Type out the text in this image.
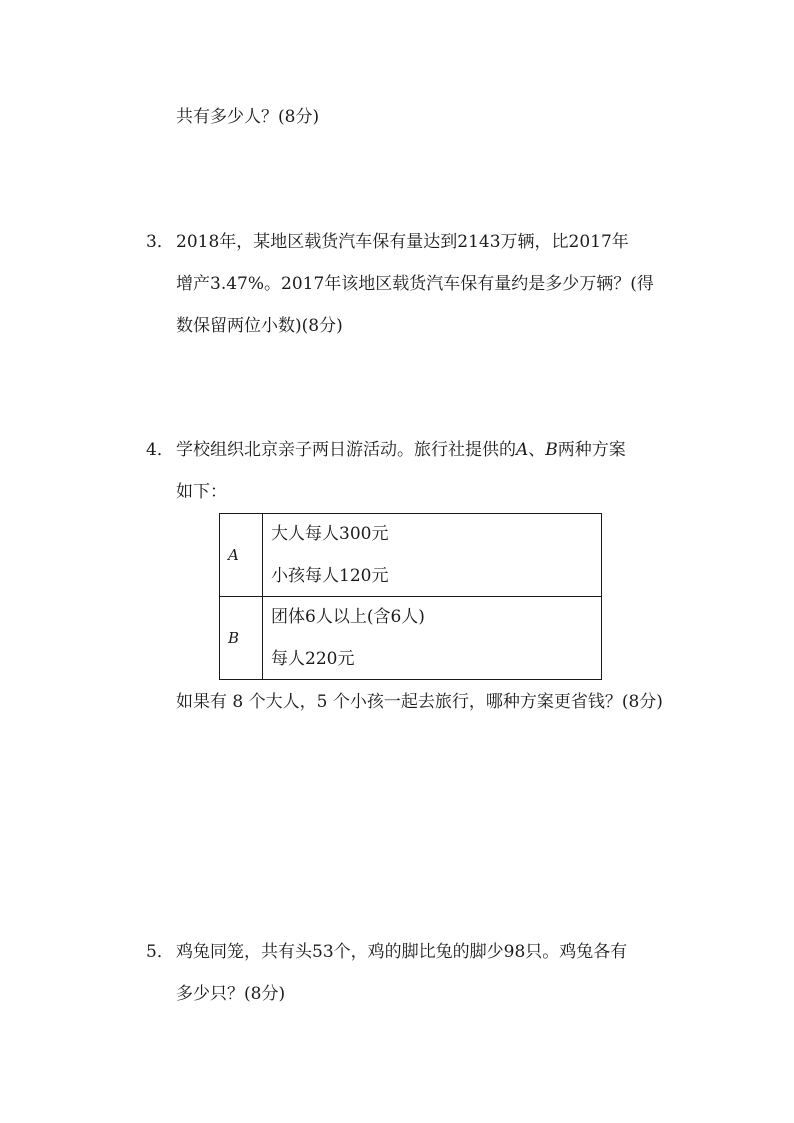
共有多少人？(8分)
3． 2018年，某地区载货汽车保有量达到2143万辆，比2017年
增产3.47%。2017年该地区载货汽车保有量约是多少万辆？(得
数保留两位小数)(8分)
4． 学校组织北京亲子两日游活动。旅行社提供的A、B两种方案
如下：
A	大人每人300元
小孩每人120元

B	团体6人以上(含6人)
每人220元
如果有 8 个大人，5 个小孩一起去旅行，哪种方案更省钱？(8分)
5． 鸡兔同笼，共有头53个，鸡的脚比兔的脚少98只。鸡兔各有
多少只？(8分)
